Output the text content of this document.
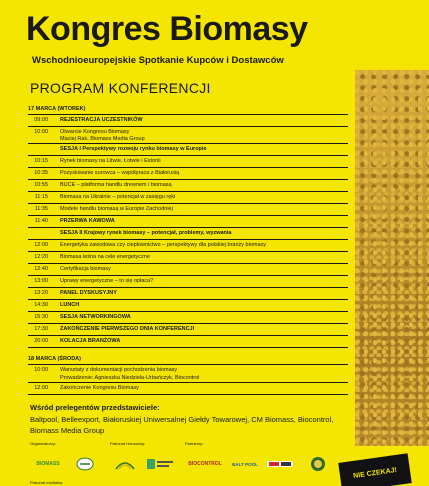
Kongres Biomasy
Wschodnioeuropejskie Spotkanie Kupców i Dostawców
PROGRAM KONFERENCJI
17 MARCA (WTOREK)	
09:00	REJESTRACJA UCZESTNIKÓW
10:00	Otwarcie Kongresu Biomasy
Maciej Rak, Biomass Media Group

	SESJA I Perspektywy rozwoju rynku biomasy w Europie
10:15	Rynek biomasy na Litwie, Łotwie i Estonii
10:35	Pozyskiwanie surowca – współpraca z Białorusią
10:55	BUCE – platforma handlu drewnem i biomasą
11:15	Biomasa na Ukrainie – potencjał w zasięgu ręki
11:35	Modele handlu biomasą w Europie Zachodniej
11:40	PRZERWA KAWOWA
	SESJA II Krajowy rynek biomasy – potencjał, problemy, wyzwania
12:00	Energetyka zawodowa czy ciepłownictwo – perspektywy dla polskiej branży biomasy
12:20	Biomasa leśna na cele energetyczne
12:40	Certyfikacja biomasy
13:00	Uprawy energetyczne – to się opłaca?
13:20	PANEL DYSKUSYJNY
14:30	LUNCH
15:30	SESJA NETWORKINGOWA
17:30	ZAKOŃCZENIE PIERWSZEGO DNIA KONFERENCJI
20:00	KOLACJA BRANŻOWA
18 MARCA (ŚRODA)	
10:00	Warsztaty z dokumentacji pochodzenia biomasy
Prowadzenie: Agnieszka Niedziela-Urbańczyk, Biocontrol

12:00	Zakończenie Kongresu Biomasy
Wśród prelegentów przedstawiciele:
Baltpool, Belleexport, Białoruskiej Uniwersalnej Giełdy Towarowej, CM Biomass, Biocontrol, Biomass Media Group
Organizatorzy:	Patronat Honorowy:	Partnerzy:
BIOMASS	BIOCONTROL BALT POOL
Patronat medialny:
NIE CZEKAJ!
